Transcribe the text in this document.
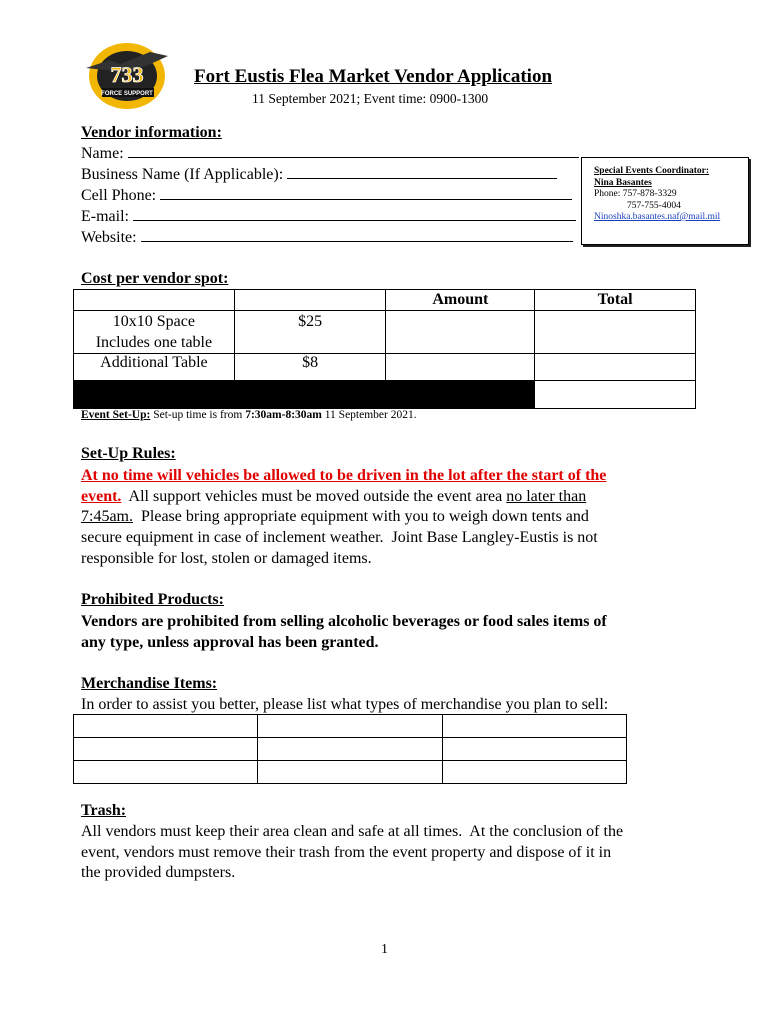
733
FORCE SUPPORT
Fort Eustis Flea Market Vendor Application
11 September 2021; Event time: 0900-1300
Vendor information:
Name:
Business Name (If Applicable):
Cell Phone:
E-mail:
Website:
Special Events Coordinator:
Nina Basantes
Phone: 757-878-3329
757-755-4004
Ninoshka.basantes.naf@mail.mil
Cost per vendor spot:
		Amount	Total

10x10 Space
Includes one table	$25		
Additional Table	$8		

Event Set-Up: Set-up time is from 7:30am-8:30am 11 September 2021.
Set-Up Rules:
At no time will vehicles be allowed to be driven in the lot after the start of the
event.  All support vehicles must be moved outside the event area no later than
7:45am.  Please bring appropriate equipment with you to weigh down tents and
secure equipment in case of inclement weather.  Joint Base Langley-Eustis is not
responsible for lost, stolen or damaged items.
Prohibited Products:
Vendors are prohibited from selling alcoholic beverages or food sales items of
any type, unless approval has been granted.
Merchandise Items:
In order to assist you better, please list what types of merchandise you plan to sell:

Trash:
All vendors must keep their area clean and safe at all times.  At the conclusion of the
event, vendors must remove their trash from the event property and dispose of it in
the provided dumpsters.
1
